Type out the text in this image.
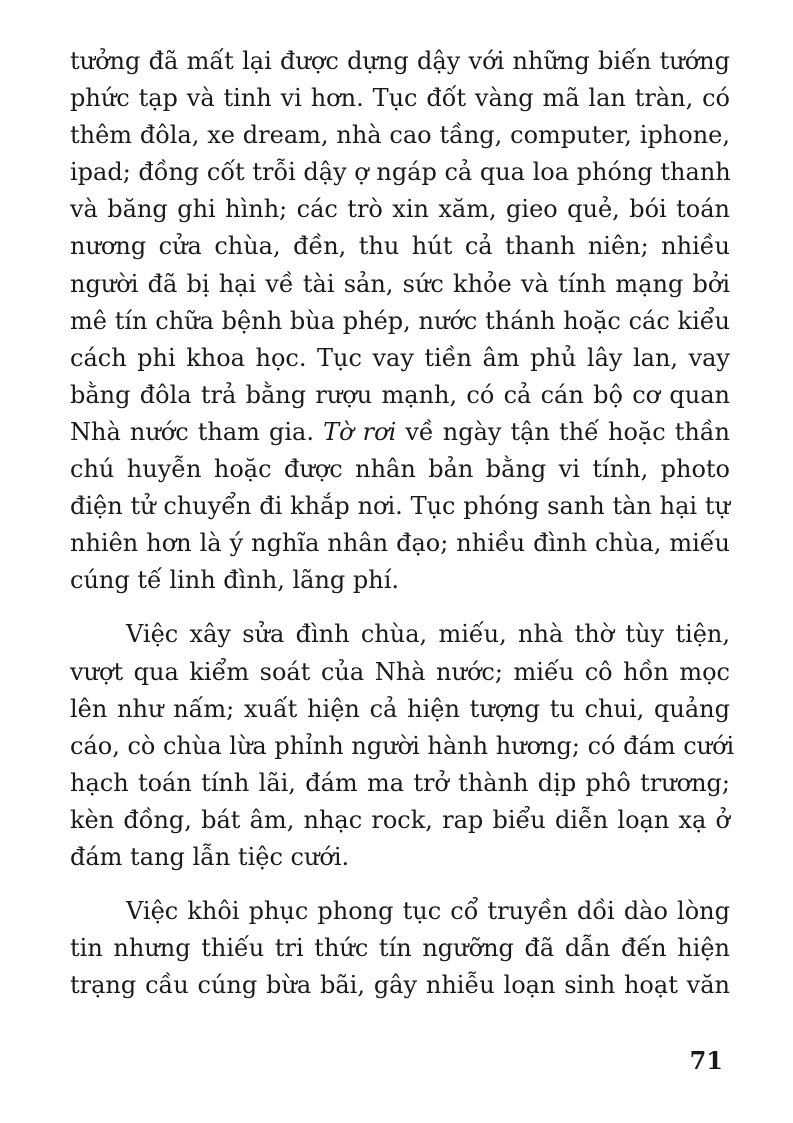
tưởng đã mất lại được dựng dậy với những biến tướng
phức tạp và tinh vi hơn. Tục đốt vàng mã lan tràn, có
thêm đôla, xe dream, nhà cao tầng, computer, iphone,
ipad; đồng cốt trỗi dậy ợ ngáp cả qua loa phóng thanh
và băng ghi hình; các trò xin xăm, gieo quẻ, bói toán
nương cửa chùa, đền, thu hút cả thanh niên; nhiều
người đã bị hại về tài sản, sức khỏe và tính mạng bởi
mê tín chữa bệnh bùa phép, nước thánh hoặc các kiểu
cách phi khoa học. Tục vay tiền âm phủ lây lan, vay
bằng đôla trả bằng rượu mạnh, có cả cán bộ cơ quan
Nhà nước tham gia. Tờ rơi về ngày tận thế hoặc thần
chú huyễn hoặc được nhân bản bằng vi tính, photo
điện tử chuyển đi khắp nơi. Tục phóng sanh tàn hại tự
nhiên hơn là ý nghĩa nhân đạo; nhiều đình chùa, miếu
cúng tế linh đình, lãng phí.
Việc xây sửa đình chùa, miếu, nhà thờ tùy tiện,
vượt qua kiểm soát của Nhà nước; miếu cô hồn mọc
lên như nấm; xuất hiện cả hiện tượng tu chui, quảng
cáo, cò chùa lừa phỉnh người hành hương; có đám cưới
hạch toán tính lãi, đám ma trở thành dịp phô trương;
kèn đồng, bát âm, nhạc rock, rap biểu diễn loạn xạ ở
đám tang lẫn tiệc cưới.
Việc khôi phục phong tục cổ truyền dồi dào lòng
tin nhưng thiếu tri thức tín ngưỡng đã dẫn đến hiện
trạng cầu cúng bừa bãi, gây nhiễu loạn sinh hoạt văn
71
